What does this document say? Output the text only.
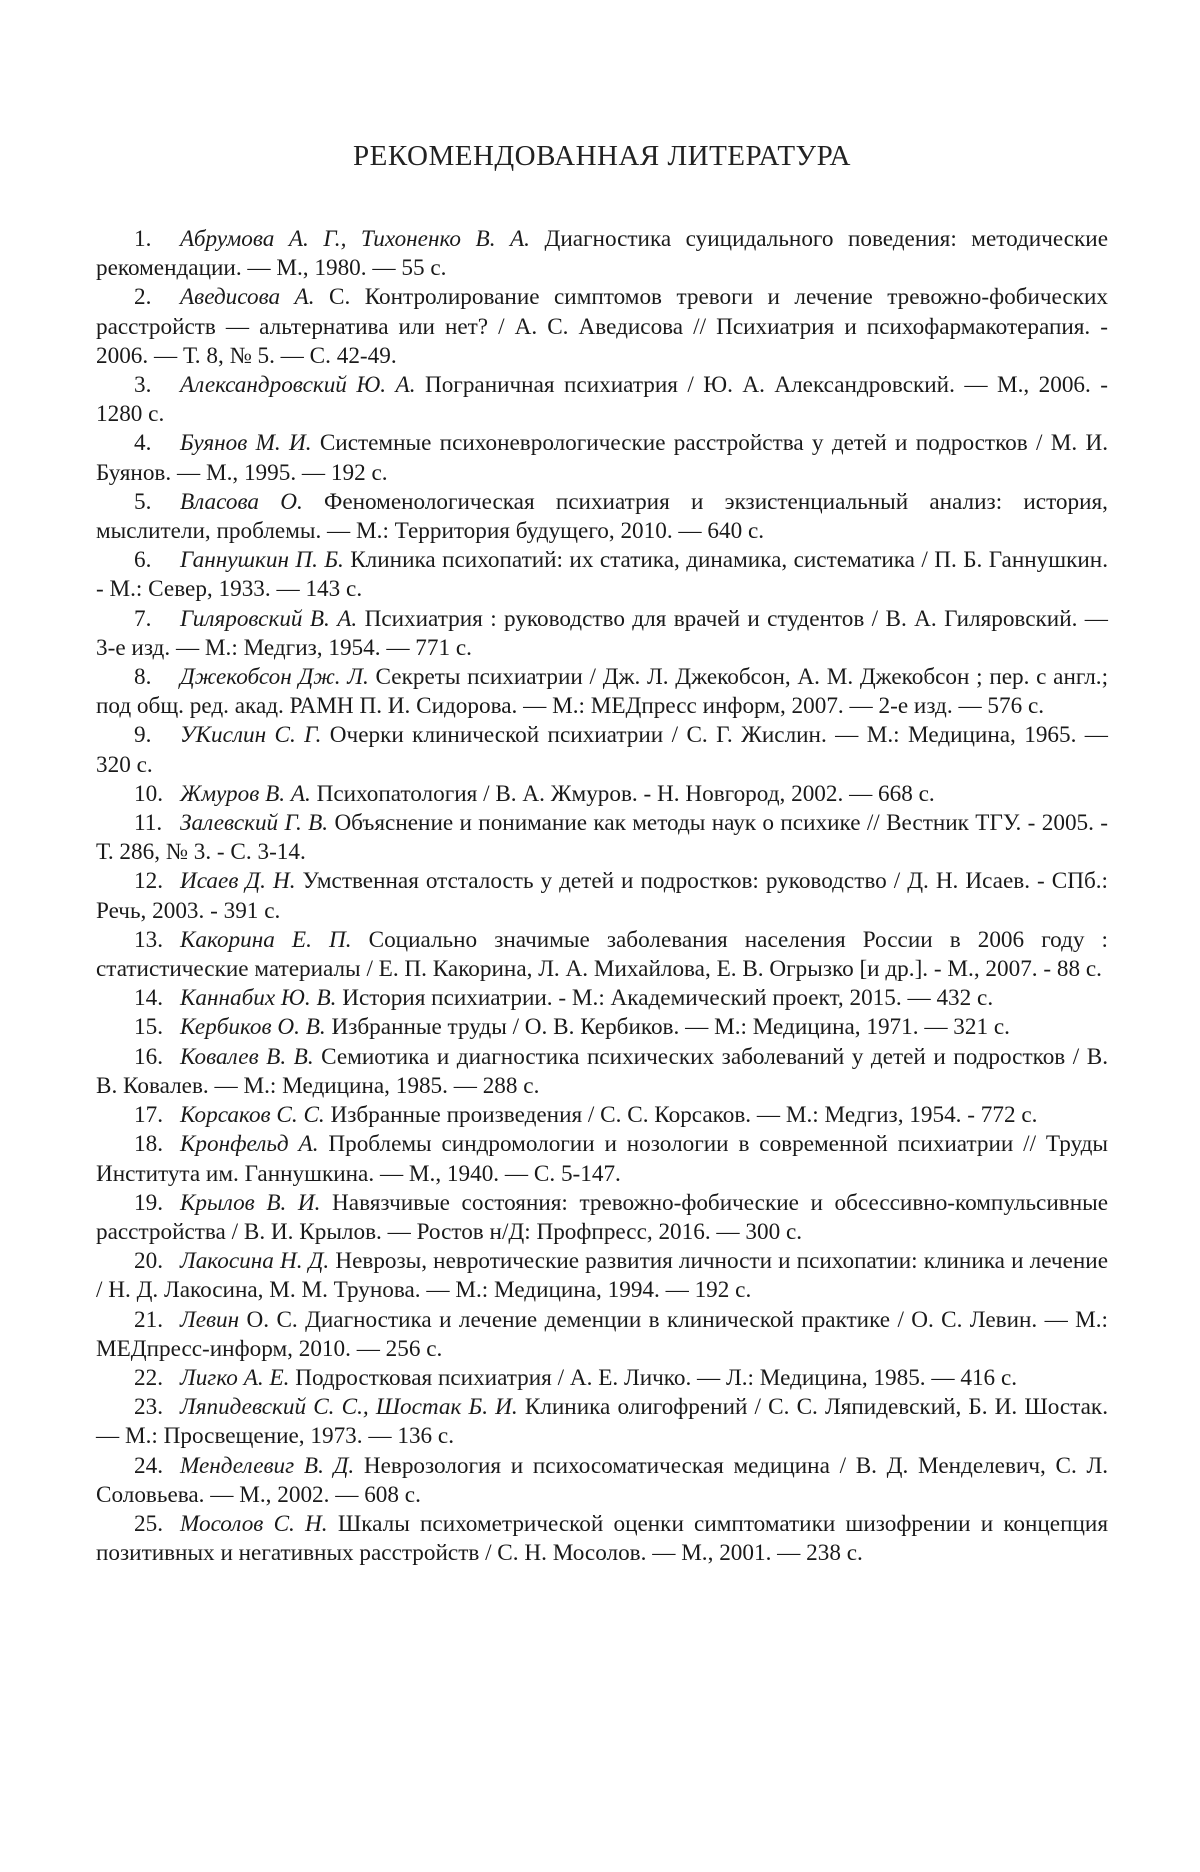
РЕКОМЕНДОВАННАЯ ЛИТЕРАТУРА
1. Абрумова А. Г., Тихоненко В. А. Диагностика суицидального поведения: методические рекомендации. — М., 1980. — 55 с.
2. Аведисова А. С. Контролирование симптомов тревоги и лечение тревожно-фобических расстройств — альтернатива или нет? / А. С. Аведисова // Психиатрия и психофармакотерапия. - 2006. — Т. 8, № 5. — С. 42-49.
3. Александровский Ю. А. Пограничная психиатрия / Ю. А. Александровский. — М., 2006. - 1280 с.
4. Буянов М. И. Системные психоневрологические расстройства у детей и подростков / М. И. Буянов. — М., 1995. — 192 с.
5. Власова О. Феноменологическая психиатрия и экзистенциальный анализ: история, мыслители, проблемы. — М.: Территория будущего, 2010. — 640 с.
6. Ганнушкин П. Б. Клиника психопатий: их статика, динамика, систематика / П. Б. Ганнушкин. - М.: Север, 1933. — 143 с.
7. Гиляровский В. А. Психиатрия : руководство для врачей и студентов / В. А. Гиляровский. — 3-е изд. — М.: Медгиз, 1954. — 771 с.
8. Джекобсон Дж. Л. Секреты психиатрии / Дж. Л. Джекобсон, А. М. Джекобсон ; пер. с англ.; под общ. ред. акад. РАМН П. И. Сидорова. — М.: МЕДпресс информ, 2007. — 2-е изд. — 576 с.
9. УКислин С. Г. Очерки клинической психиатрии / С. Г. Жислин. — М.: Медицина, 1965. — 320 с.
10. Жмуров В. А. Психопатология / В. А. Жмуров. - Н. Новгород, 2002. — 668 с.
11. Залевский Г. В. Объяснение и понимание как методы наук о психике // Вестник ТГУ. - 2005. - Т. 286, № 3. - С. 3-14.
12. Исаев Д. Н. Умственная отсталость у детей и подростков: руководство / Д. Н. Исаев. - СПб.: Речь, 2003. - 391 с.
13. Какорина Е. П. Социально значимые заболевания населения России в 2006 году : статистические материалы / Е. П. Какорина, Л. А. Михайлова, Е. В. Огрызко [и др.]. - М., 2007. - 88 с.
14. Каннабих Ю. В. История психиатрии. - М.: Академический проект, 2015. — 432 с.
15. Кербиков О. В. Избранные труды / О. В. Кербиков. — М.: Медицина, 1971. — 321 с.
16. Ковалев В. В. Семиотика и диагностика психических заболеваний у детей и подростков / В. В. Ковалев. — М.: Медицина, 1985. — 288 с.
17. Корсаков С. С. Избранные произведения / С. С. Корсаков. — М.: Медгиз, 1954. - 772 с.
18. Кронфельд А. Проблемы синдромологии и нозологии в современной психиатрии // Труды Института им. Ганнушкина. — М., 1940. — С. 5-147.
19. Крылов В. И. Навязчивые состояния: тревожно-фобические и обсессивно-компульсивные расстройства / В. И. Крылов. — Ростов н/Д: Профпресс, 2016. — 300 с.
20. Лакосина Н. Д. Неврозы, невротические развития личности и психопатии: клиника и лечение / Н. Д. Лакосина, М. М. Трунова. — М.: Медицина, 1994. — 192 с.
21. Левин О. С. Диагностика и лечение деменции в клинической практике / О. С. Левин. — М.: МЕДпресс-информ, 2010. — 256 с.
22. Лигко А. Е. Подростковая психиатрия / А. Е. Личко. — Л.: Медицина, 1985. — 416 с.
23. Ляпидевский С. С., Шостак Б. И. Клиника олигофрений / С. С. Ляпидевский, Б. И. Шостак. — М.: Просвещение, 1973. — 136 с.
24. Менделевиг В. Д. Неврозология и психосоматическая медицина / В. Д. Менделевич, С. Л. Соловьева. — М., 2002. — 608 с.
25. Мосолов С. Н. Шкалы психометрической оценки симптоматики шизофрении и концепция позитивных и негативных расстройств / С. Н. Мосолов. — М., 2001. — 238 с.
